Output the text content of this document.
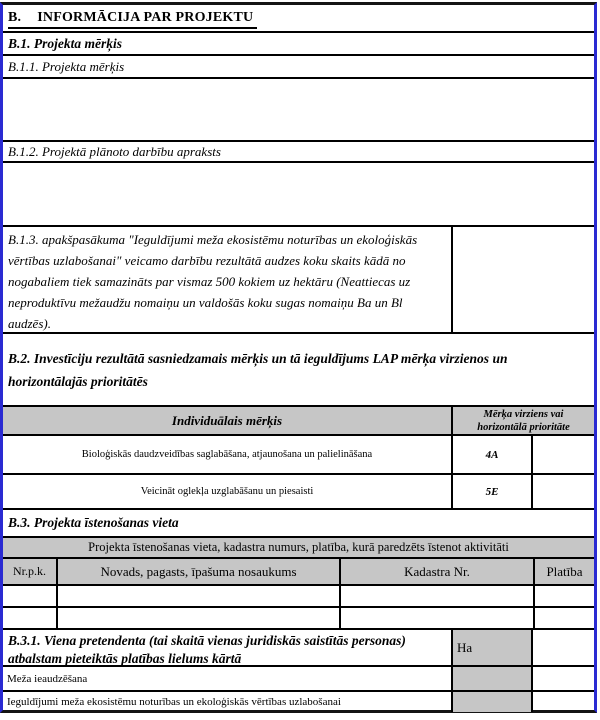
B. INFORMĀCIJA PAR PROJEKTU
B.1. Projekta mērķis
B.1.1. Projekta mērķis
B.1.2. Projektā plānoto darbību apraksts
B.1.3. apakšpasākuma "Ieguldījumi meža ekosistēmu noturības un ekoloģiskās vērtības uzlabošanai" veicamo darbību rezultātā audzes koku skaits kādā no nogabaliem tiek samazināts par vismaz 500 kokiem uz hektāru (Neattiecas uz neproduktīvu mežaudžu nomaiņu un valdošās koku sugas nomaiņu Ba un Bl audzēs).
B.2. Investīciju rezultātā sasniedzamais mērķis un tā ieguldījums LAP mērķa virzienos un horizontālajās prioritātēs
Individuālais mērķis	Mērķa virziens vai horizontālā prioritāte
Bioloģiskās daudzveidības saglabāšana, atjaunošana un palielināšana	4A
Veicināt oglekļa uzglabāšanu un piesaisti	5E
B.3. Projekta īstenošanas vieta
Projekta īstenošanas vieta, kadastra numurs, platība, kurā paredzēts īstenot aktivitāti
Nr.p.k.	Novads, pagasts, īpašuma nosaukums	Kadastra Nr.	Platība
B.3.1. Viena pretendenta (tai skaitā vienas juridiskās saistītās personas) atbalstam pieteiktās platības lielums kārtā
Ha
Meža ieaudzēšana
Ieguldījumi meža ekosistēmu noturības un ekoloģiskās vērtības uzlabošanai
